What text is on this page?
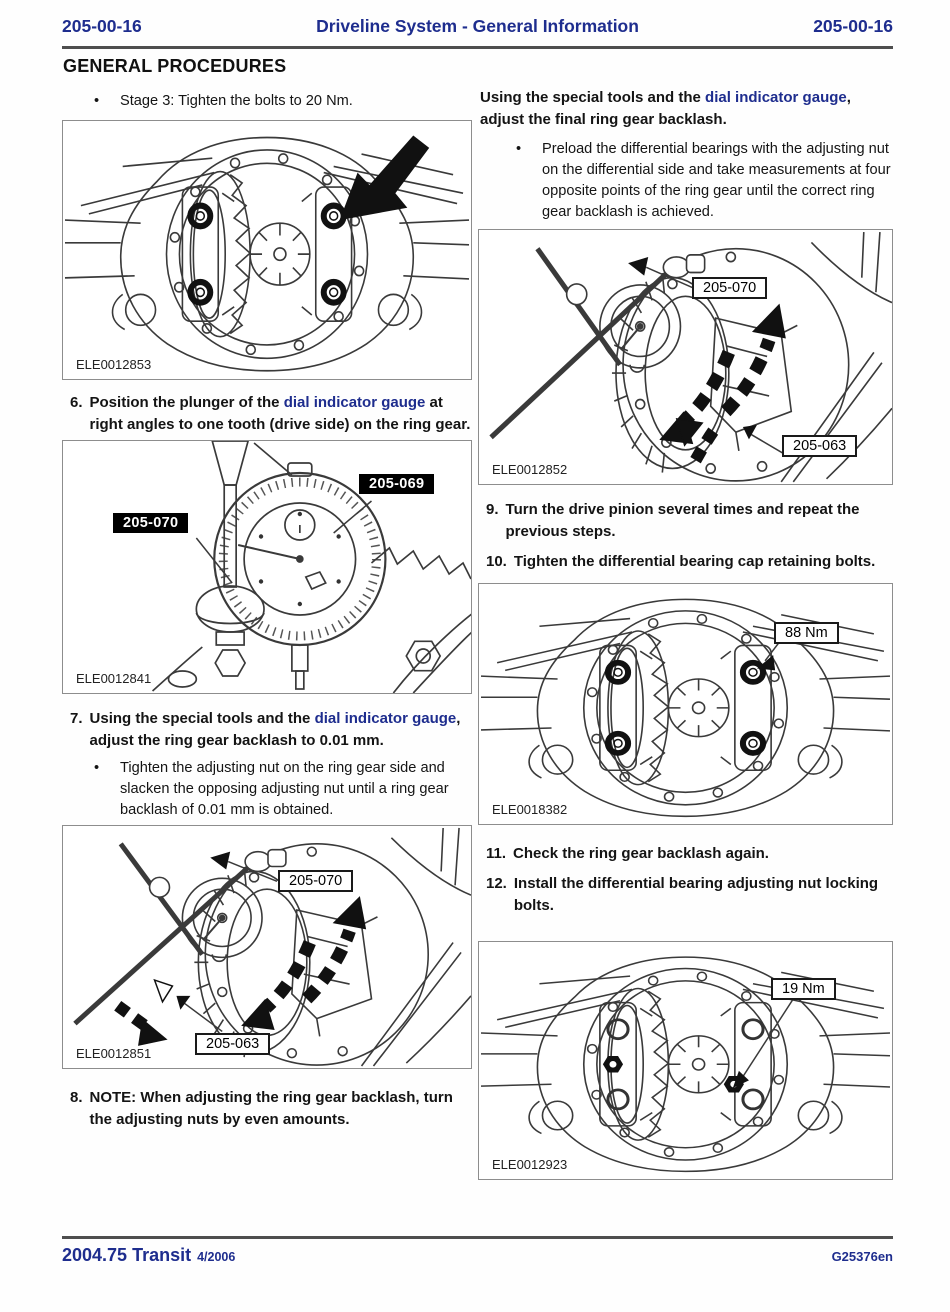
205-00-16	Driveline System - General Information	205-00-16
GENERAL PROCEDURES
•	Stage 3: Tighten the bolts to 20 Nm.
ELE0012853
6. Position the plunger of the dial indicator gauge at right angles to one tooth (drive side) on the ring gear.
205-069
205-070
ELE0012841
7. Using the special tools and the dial indicator gauge, adjust the ring gear backlash to 0.01 mm.
•	Tighten the adjusting nut on the ring gear side and slacken the opposing adjusting nut until a ring gear backlash of 0.01 mm is obtained.
205-070
205-063
ELE0012851
8. NOTE: When adjusting the ring gear backlash, turn the adjusting nuts by even amounts.
Using the special tools and the dial indicator gauge, adjust the final ring gear backlash.
•	Preload the differential bearings with the adjusting nut on the differential side and take measurements at four opposite points of the ring gear until the correct ring gear backlash is achieved.
205-070
205-063
ELE0012852
9. Turn the drive pinion several times and repeat the previous steps.
10. Tighten the differential bearing cap retaining bolts.
88 Nm
ELE0018382
11. Check the ring gear backlash again.
12. Install the differential bearing adjusting nut locking bolts.
19 Nm
ELE0012923
2004.75 Transit 4/2006	G25376en
